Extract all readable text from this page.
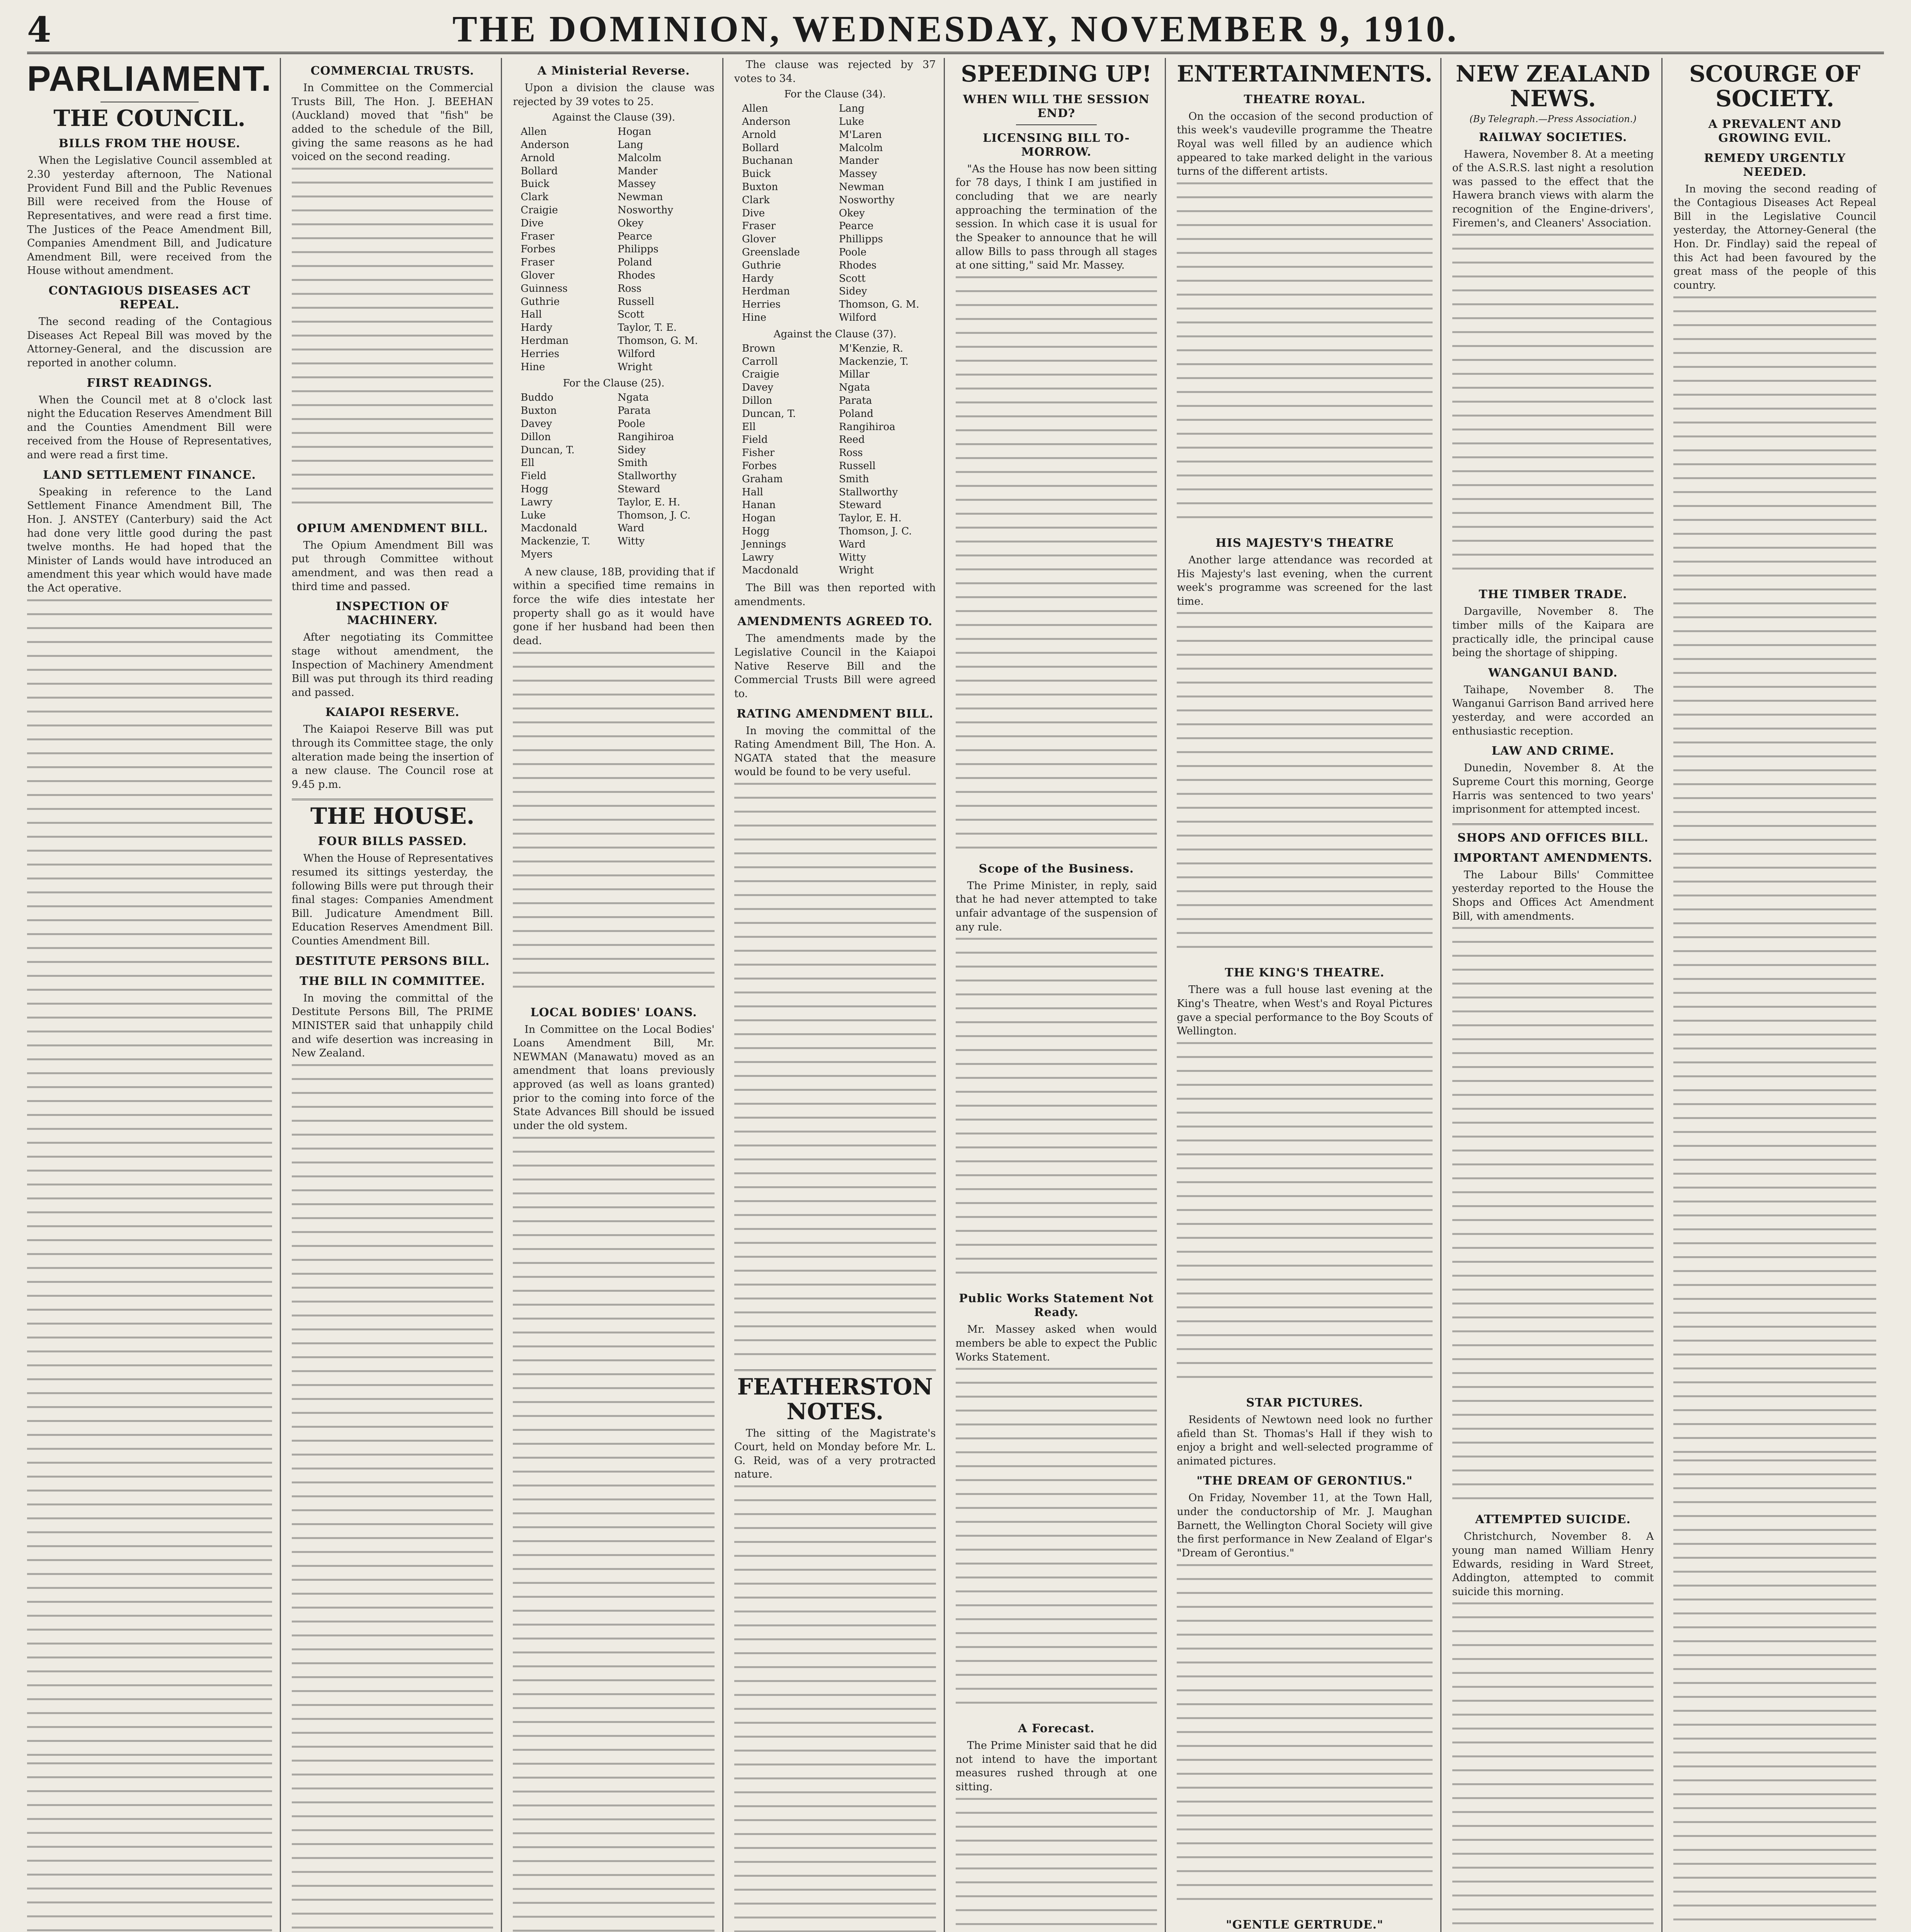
4	THE DOMINION, WEDNESDAY, NOVEMBER 9, 1910.
PARLIAMENT.
THE COUNCIL.
BILLS FROM THE HOUSE.

When the Legislative Council assembled at 2.30 yesterday afternoon, The National Provident Fund Bill and the Public Revenues Bill were received from the House of Representatives, and were read a first time. The Justices of the Peace Amendment Bill, Companies Amendment Bill, and Judicature Amendment Bill, were received from the House without amendment.

CONTAGIOUS DISEASES ACT REPEAL.

The second reading of the Contagious Diseases Act Repeal Bill was moved by the Attorney-General, and the discussion are reported in another column.

FIRST READINGS.

When the Council met at 8 o'clock last night the Education Reserves Amendment Bill and the Counties Amendment Bill were received from the House of Representatives, and were read a first time.

LAND SETTLEMENT FINANCE.

Speaking in reference to the Land Settlement Finance Amendment Bill, The Hon. J. ANSTEY (Canterbury) said the Act had done very little good during the past twelve months. He had hoped that the Minister of Lands would have introduced an amendment this year which would have made the Act operative.

COMMERCIAL TRUSTS.

In Committee on the Commercial Trusts Bill, The Hon. J. BEEHAN (Auckland) moved that "fish" be added to the schedule of the Bill, giving the same reasons as he had voiced on the second reading.

OPIUM AMENDMENT BILL.

The Opium Amendment Bill was put through Committee without amendment, and was then read a third time and passed.

INSPECTION OF MACHINERY.

After negotiating its Committee stage without amendment, the Inspection of Machinery Amendment Bill was put through its third reading and passed.

KAIAPOI RESERVE.

The Kaiapoi Reserve Bill was put through its Committee stage, the only alteration made being the insertion of a new clause. The Council rose at 9.45 p.m.

THE HOUSE.
FOUR BILLS PASSED.

When the House of Representatives resumed its sittings yesterday, the following Bills were put through their final stages: Companies Amendment Bill. Judicature Amendment Bill. Education Reserves Amendment Bill. Counties Amendment Bill.

DESTITUTE PERSONS BILL.
THE BILL IN COMMITTEE.

In moving the committal of the Destitute Persons Bill, The PRIME MINISTER said that unhappily child and wife desertion was increasing in New Zealand.

A Ministerial Reverse.

Upon a division the clause was rejected by 39 votes to 25.

Against the Clause (39).
Allen	Hogan
Anderson	Lang
Arnold	Malcolm
Bollard	Mander
Buick	Massey
Clark	Newman
Craigie	Nosworthy
Dive	Okey
Fraser	Pearce
Forbes	Philipps
Fraser	Poland
Glover	Rhodes
Guinness	Ross
Guthrie	Russell
Hall	Scott
Hardy	Taylor, T. E.
Herdman	Thomson, G. M.
Herries	Wilford
Hine	Wright
For the Clause (25).
Buddo	Ngata
Buxton	Parata
Davey	Poole
Dillon	Rangihiroa
Duncan, T.	Sidey
Ell	Smith
Field	Stallworthy
Hogg	Steward
Lawry	Taylor, E. H.
Luke	Thomson, J. C.
Macdonald	Ward
Mackenzie, T.	Witty
Myers

A new clause, 18B, providing that if within a specified time remains in force the wife dies intestate her property shall go as it would have gone if her husband had been then dead.

LOCAL BODIES' LOANS.

In Committee on the Local Bodies' Loans Amendment Bill, Mr. NEWMAN (Manawatu) moved as an amendment that loans previously approved (as well as loans granted) prior to the coming into force of the State Advances Bill should be issued under the old system.

The clause was rejected by 37 votes to 34.

For the Clause (34).
Allen	Lang
Anderson	Luke
Arnold	M'Laren
Bollard	Malcolm
Buchanan	Mander
Buick	Massey
Buxton	Newman
Clark	Nosworthy
Dive	Okey
Fraser	Pearce
Glover	Phillipps
Greenslade	Poole
Guthrie	Rhodes
Hardy	Scott
Herdman	Sidey
Herries	Thomson, G. M.
Hine	Wilford
Against the Clause (37).
Brown	M'Kenzie, R.
Carroll	Mackenzie, T.
Craigie	Millar
Davey	Ngata
Dillon	Parata
Duncan, T.	Poland
Ell	Rangihiroa
Field	Reed
Fisher	Ross
Forbes	Russell
Graham	Smith
Hall	Stallworthy
Hanan	Steward
Hogan	Taylor, E. H.
Hogg	Thomson, J. C.
Jennings	Ward
Lawry	Witty
Macdonald	Wright

The Bill was then reported with amendments.

AMENDMENTS AGREED TO.

The amendments made by the Legislative Council in the Kaiapoi Native Reserve Bill and the Commercial Trusts Bill were agreed to.

RATING AMENDMENT BILL.

In moving the committal of the Rating Amendment Bill, The Hon. A. NGATA stated that the measure would be found to be very useful.

FEATHERSTON NOTES.

The sitting of the Magistrate's Court, held on Monday before Mr. L. G. Reid, was of a very protracted nature.

SPEEDING UP!
WHEN WILL THE SESSION END?
LICENSING BILL TO-MORROW.

"As the House has now been sitting for 78 days, I think I am justified in concluding that we are nearly approaching the termination of the session. In which case it is usual for the Speaker to announce that he will allow Bills to pass through all stages at one sitting," said Mr. Massey.

Scope of the Business.

The Prime Minister, in reply, said that he had never attempted to take unfair advantage of the suspension of any rule.

Public Works Statement Not Ready.

Mr. Massey asked when would members be able to expect the Public Works Statement.

A Forecast.

The Prime Minister said that he did not intend to have the important measures rushed through at one sitting.

ENTERTAINMENTS.
THEATRE ROYAL.

On the occasion of the second production of this week's vaudeville programme the Theatre Royal was well filled by an audience which appeared to take marked delight in the various turns of the different artists.

HIS MAJESTY'S THEATRE

Another large attendance was recorded at His Majesty's last evening, when the current week's programme was screened for the last time.

THE KING'S THEATRE.

There was a full house last evening at the King's Theatre, when West's and Royal Pictures gave a special performance to the Boy Scouts of Wellington.

STAR PICTURES.

Residents of Newtown need look no further afield than St. Thomas's Hall if they wish to enjoy a bright and well-selected programme of animated pictures.

"THE DREAM OF GERONTIUS."

On Friday, November 11, at the Town Hall, under the conductorship of Mr. J. Maughan Barnett, the Wellington Choral Society will give the first performance in New Zealand of Elgar's "Dream of Gerontius."

"GENTLE GERTRUDE."
NEW ZEALAND NEWS.
(By Telegraph.—Press Association.)
RAILWAY SOCIETIES.

Hawera, November 8. At a meeting of the A.S.R.S. last night a resolution was passed to the effect that the Hawera branch views with alarm the recognition of the Engine-drivers', Firemen's, and Cleaners' Association.

THE TIMBER TRADE.

Dargaville, November 8. The timber mills of the Kaipara are practically idle, the principal cause being the shortage of shipping.

WANGANUI BAND.

Taihape, November 8. The Wanganui Garrison Band arrived here yesterday, and were accorded an enthusiastic reception.

LAW AND CRIME.

Dunedin, November 8. At the Supreme Court this morning, George Harris was sentenced to two years' imprisonment for attempted incest.

SHOPS AND OFFICES BILL.
IMPORTANT AMENDMENTS.

The Labour Bills' Committee yesterday reported to the House the Shops and Offices Act Amendment Bill, with amendments.

ATTEMPTED SUICIDE.

Christchurch, November 8. A young man named William Henry Edwards, residing in Ward Street, Addington, attempted to commit suicide this morning.

SCOURGE OF SOCIETY.
A PREVALENT AND GROWING EVIL.
REMEDY URGENTLY NEEDED.

In moving the second reading of the Contagious Diseases Act Repeal Bill in the Legislative Council yesterday, the Attorney-General (the Hon. Dr. Findlay) said the repeal of this Act had been favoured by the great mass of the people of this country.
